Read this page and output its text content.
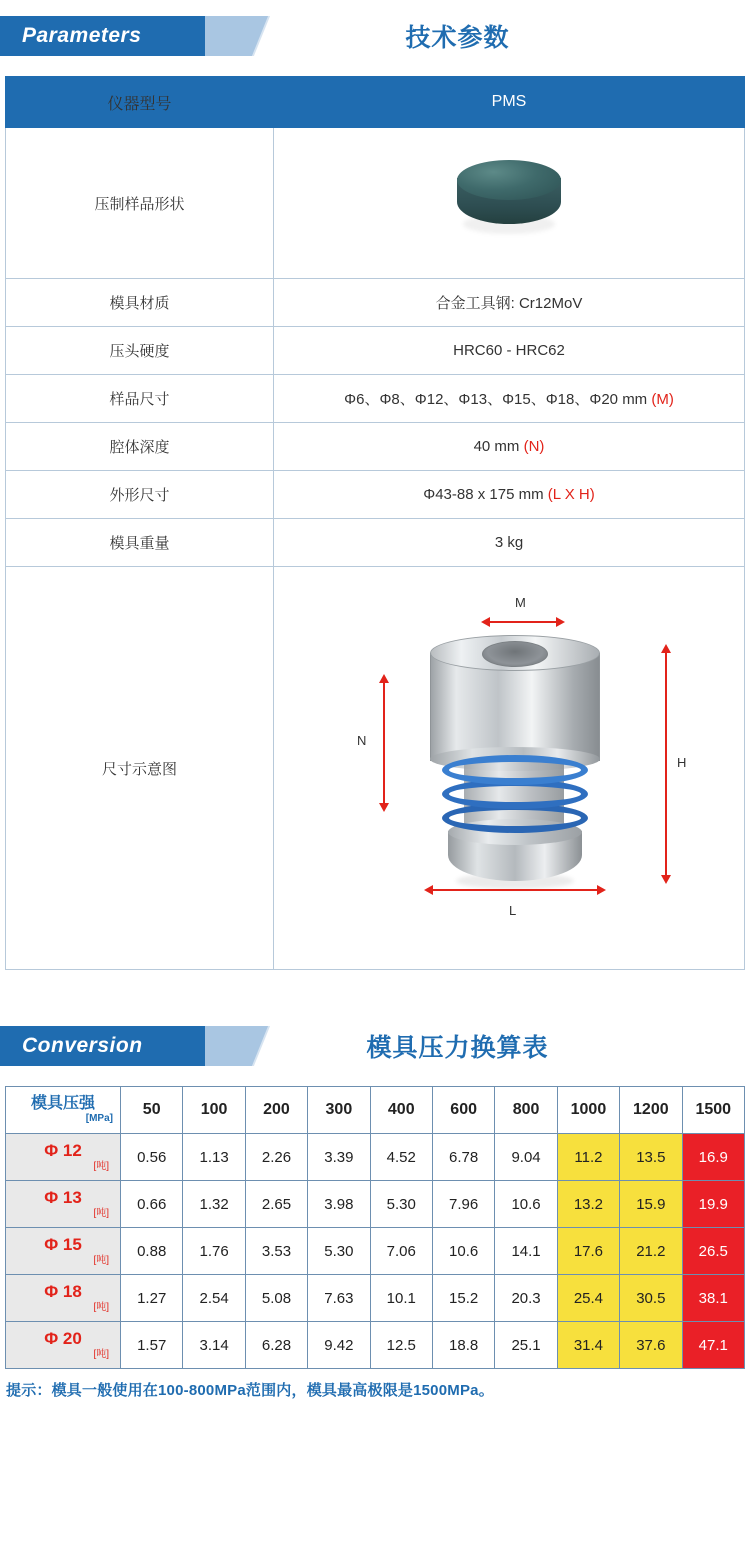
Parameters	技术参数
仪器型号	PMS
压制样品形状	

模具材质	合金工具钢: Cr12MoV
压头硬度	HRC60 - HRC62
样品尺寸	Φ6、Φ8、Φ12、Φ13、Φ15、Φ18、Φ20 mm (M)
腔体深度	40 mm (N)
外形尺寸	Φ43-88 x 175 mm (L X H)
模具重量	3 kg
尺寸示意图	M
N
H
L
Conversion	模具压力换算表
模具压强
[MPa]	50	100	200	300	400	600	800	1000	1200	1500

Φ 12
[吨]	0.56	1.13	2.26	3.39	4.52	6.78	9.04	11.2	13.5	16.9

Φ 13
[吨]	0.66	1.32	2.65	3.98	5.30	7.96	10.6	13.2	15.9	19.9

Φ 15
[吨]	0.88	1.76	3.53	5.30	7.06	10.6	14.1	17.6	21.2	26.5

Φ 18
[吨]	1.27	2.54	5.08	7.63	10.1	15.2	20.3	25.4	30.5	38.1

Φ 20
[吨]	1.57	3.14	6.28	9.42	12.5	18.8	25.1	31.4	37.6	47.1
提示：模具一般使用在100-800MPa范围内，模具最高极限是1500MPa。
